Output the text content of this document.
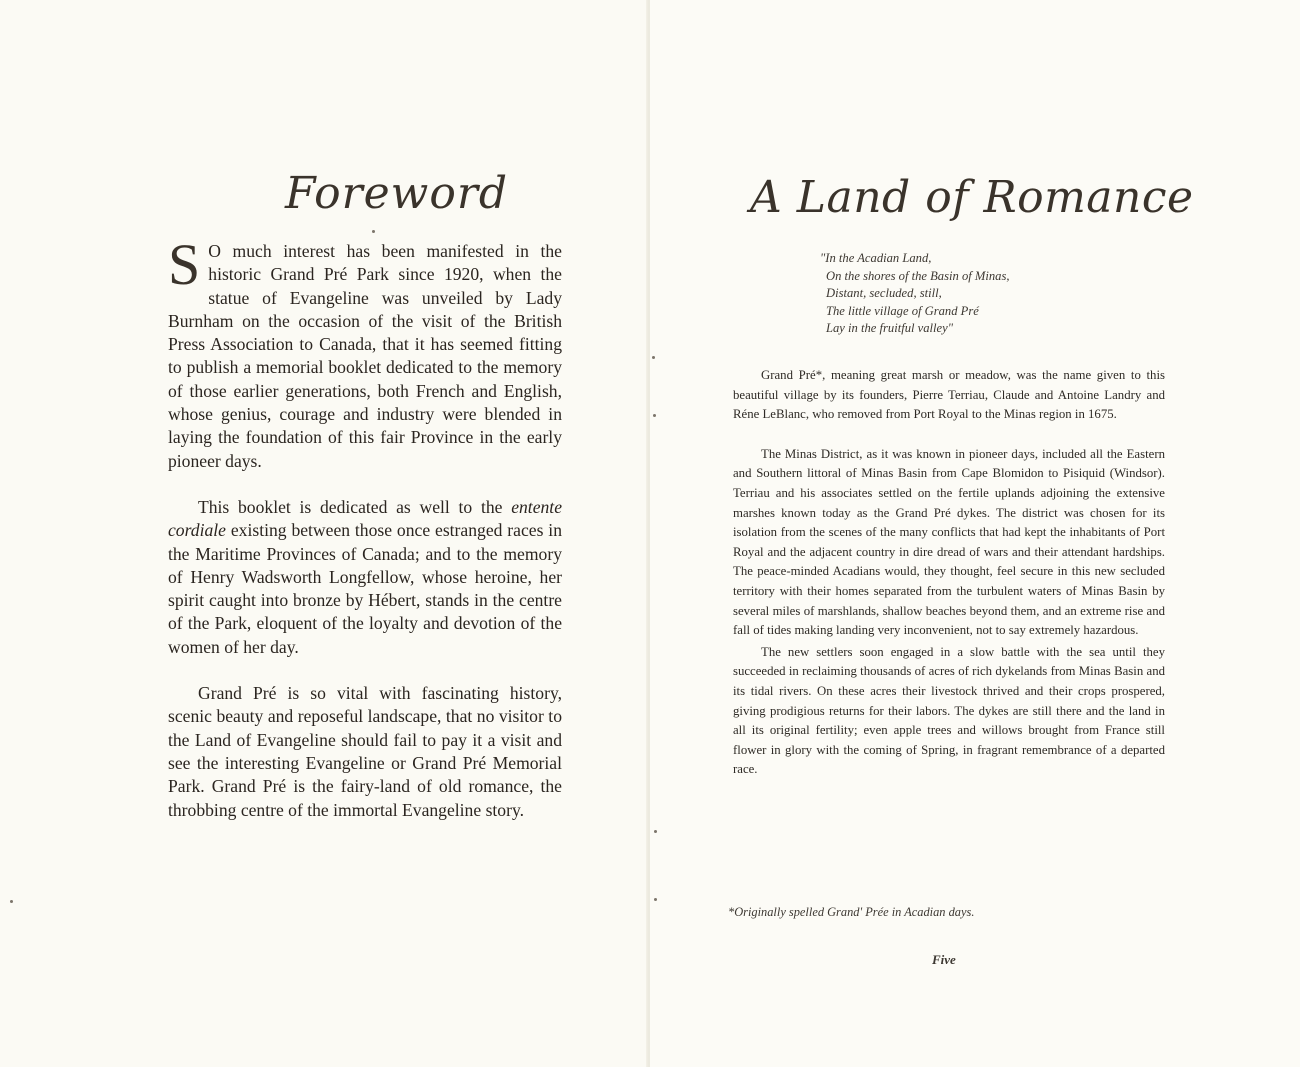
Foreword

S O much interest has been manifested in the historic Grand Pré Park since 1920, when the statue of Evangeline was unveiled by Lady Burnham on the occasion of the visit of the British Press Association to Canada, that it has seemed fitting to publish a memorial booklet dedicated to the memory of those earlier generations, both French and English, whose genius, courage and industry were blended in laying the foundation of this fair Province in the early pioneer days.

This booklet is dedicated as well to the entente cordiale existing between those once estranged races in the Maritime Provinces of Canada; and to the memory of Henry Wadsworth Longfellow, whose heroine, her spirit caught into bronze by Hébert, stands in the centre of the Park, eloquent of the loyalty and devotion of the women of her day.

Grand Pré is so vital with fascinating history, scenic beauty and reposeful landscape, that no visitor to the Land of Evangeline should fail to pay it a visit and see the interesting Evangeline or Grand Pré Memorial Park. Grand Pré is the fairy-land of old romance, the throbbing centre of the immortal Evangeline story.

A Land of Romance
"In the Acadian Land,
On the shores of the Basin of Minas,
Distant, secluded, still,
The little village of Grand Pré
Lay in the fruitful valley"

Grand Pré*, meaning great marsh or meadow, was the name given to this beautiful village by its founders, Pierre Terriau, Claude and Antoine Landry and Réne LeBlanc, who removed from Port Royal to the Minas region in 1675.

The Minas District, as it was known in pioneer days, included all the Eastern and Southern littoral of Minas Basin from Cape Blomidon to Pisiquid (Windsor). Terriau and his associates settled on the fertile uplands adjoining the extensive marshes known today as the Grand Pré dykes. The district was chosen for its isolation from the scenes of the many conflicts that had kept the inhabitants of Port Royal and the adjacent country in dire dread of wars and their attendant hardships. The peace-minded Acadians would, they thought, feel secure in this new secluded territory with their homes separated from the turbulent waters of Minas Basin by several miles of marshlands, shallow beaches beyond them, and an extreme rise and fall of tides making landing very inconvenient, not to say extremely hazardous.

The new settlers soon engaged in a slow battle with the sea until they succeeded in reclaiming thousands of acres of rich dykelands from Minas Basin and its tidal rivers. On these acres their livestock thrived and their crops prospered, giving prodigious returns for their labors. The dykes are still there and the land in all its original fertility; even apple trees and willows brought from France still flower in glory with the coming of Spring, in fragrant remembrance of a departed race.

*Originally spelled Grand' Prée in Acadian days.
Five
